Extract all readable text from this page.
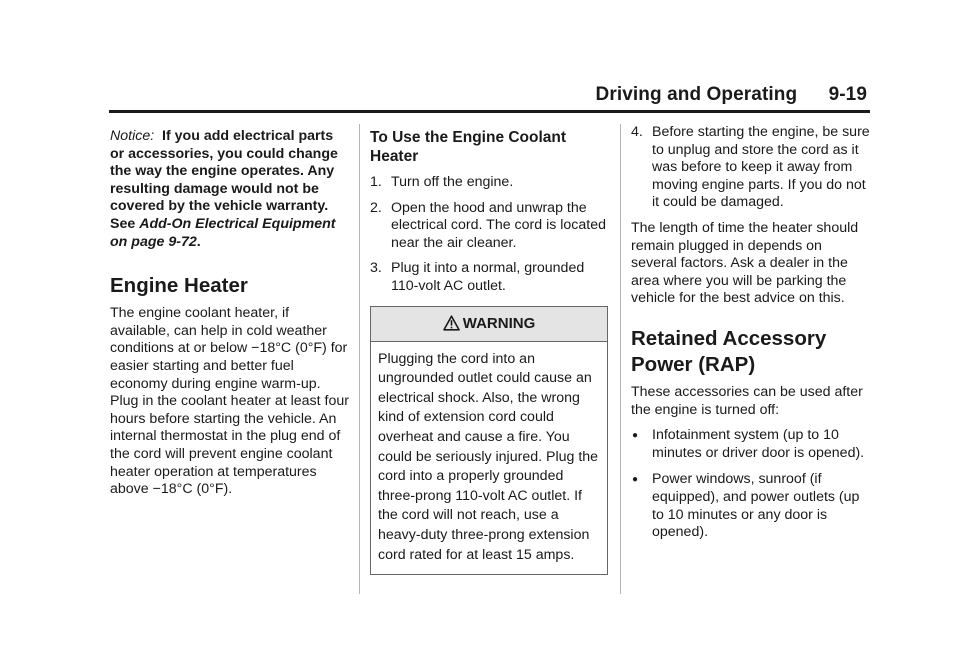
Driving and Operating 9-19

Notice: If you add electrical parts or accessories, you could change the way the engine operates. Any resulting damage would not be covered by the vehicle warranty. See Add-On Electrical Equipment on page 9-72.

Engine Heater

The engine coolant heater, if available, can help in cold weather conditions at or below −18°C (0°F) for easier starting and better fuel economy during engine warm-up. Plug in the coolant heater at least four hours before starting the vehicle. An internal thermostat in the plug end of the cord will prevent engine coolant heater operation at temperatures above −18°C (0°F).

To Use the Engine Coolant Heater
1. Turn off the engine.
2. Open the hood and unwrap the electrical cord. The cord is located near the air cleaner.
3. Plug it into a normal, grounded 110-volt AC outlet.
WARNING
Plugging the cord into an ungrounded outlet could cause an electrical shock. Also, the wrong kind of extension cord could overheat and cause a fire. You could be seriously injured. Plug the cord into a properly grounded three-prong 110-volt AC outlet. If the cord will not reach, use a heavy-duty three-prong extension cord rated for at least 15 amps.
4. Before starting the engine, be sure to unplug and store the cord as it was before to keep it away from moving engine parts. If you do not it could be damaged.

The length of time the heater should remain plugged in depends on several factors. Ask a dealer in the area where you will be parking the vehicle for the best advice on this.

Retained Accessory Power (RAP)

These accessories can be used after the engine is turned off:

● Infotainment system (up to 10 minutes or driver door is opened).
● Power windows, sunroof (if equipped), and power outlets (up to 10 minutes or any door is opened).
